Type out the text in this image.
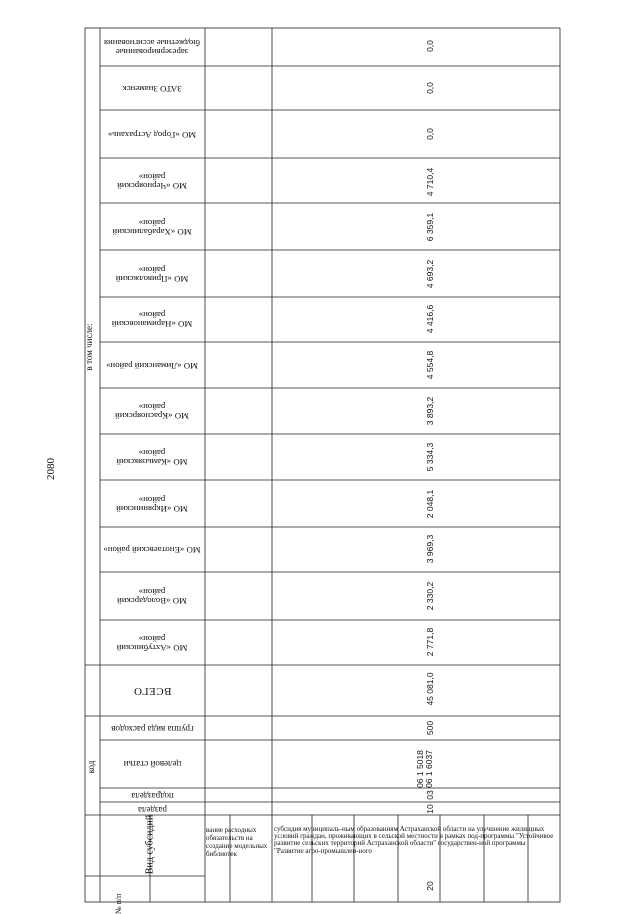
2080
в том числе:
код
ВСЕГО
группа вида расходов
целевой статьи
подраздела
раздела
зарезервированные бюджетные ассигнования
ЗАТО Знаменск
МО «Город Астрахань»
МО «Черноярский район»
МО «Харабалинский район»
МО «Приволжский район»
МО «Наримановский район»
МО «Лиманский район»
МО «Красноярский район»
МО «Камызякский район»
МО «Икрянинский район»
МО «Енотаевский район»
МО «Володарский район»
МО «Ахтубинский район»
0,0
0,0
0,0
4 710,4
6 359,1
4 693,2
4 416,6
4 554,8
3 893,2
5 334,3
2 048,1
3 969,3
2 330,2
2 771,8
45 081,0
500
06 1 5018
06 1 6037
03
10
20
№ п/п
Вид субсидий	вание расходных обязательств на создание модельных библиотек
субсидия муниципаль-ным образованиям Астраханской области на улучшение жилищных условий граждан, проживающих в сельской местности в рамках под-программы "Устойчивое развитие сельских территорий Астраханской области" государствен-ной программы "Развитие агро-промышлен-ного
